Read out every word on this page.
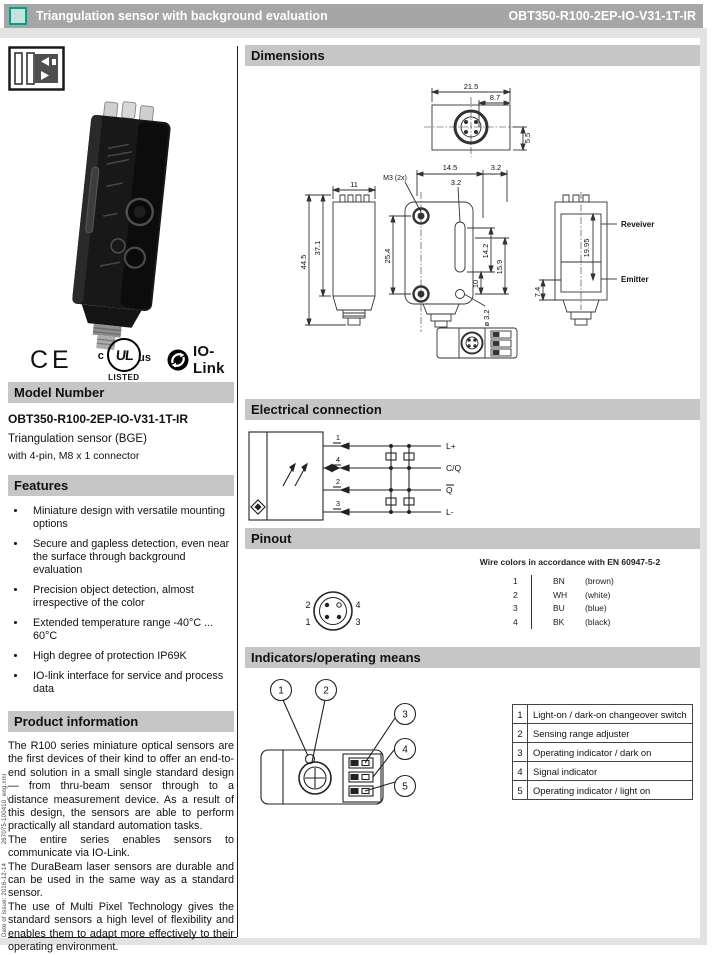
Triangulation sensor with background evaluation	OBT350-R100-2EP-IO-V31-1T-IR
Date of issue: 2016-12-14          267075-100410_eng.xml
CE c UL us
LISTED
IO-Link
Model Number
OBT350-R100-2EP-IO-V31-1T-IR
Triangulation sensor (BGE)
with 4-pin, M8 x 1 connector
Features
• Miniature design with versatile mounting options
• Secure and gapless detection, even near the surface through background evaluation
• Precision object detection, almost irrespective of the color
• Extended temperature range -40°C ... 60°C
• High degree of protection IP69K
• IO-link interface for service and process data
Product information

The R100 series miniature optical sensors are the first devices of their kind to offer an end-to-end solution in a small single standard design — from thru-beam sensor through to a distance measurement device. As a result of this design, the sensors are able to perform practically all standard automation tasks.

The entire series enables sensors to communicate via IO-Link.

The DuraBeam laser sensors are durable and can be used in the same way as a standard sensor.

The use of Multi Pixel Technology gives the standard sensors a high level of flexibility and enables them to adapt more effectively to their operating environment.

Dimensions
21.5
8.7
5.5
14.5	3.2
M3 (2x)	3.2
11
44.5
37.1
25.4	14.2
15.9
10
ø 3.2
19.95
7.4
Reveiver
Emitter
Electrical connection
1
4
2
3
L+
C/Q
Q
L-
Pinout
Wire colors in accordance with EN 60947-5-2
2	4
1	3
1	BN	(brown)
2	WH	(white)
3	BU	(blue)
4	BK	(black)
Indicators/operating means
1	2
3
4
5
1	Light-on / dark-on changeover switch
2	Sensing range adjuster
3	Operating indicator / dark on
4	Signal indicator
5	Operating indicator / light on
